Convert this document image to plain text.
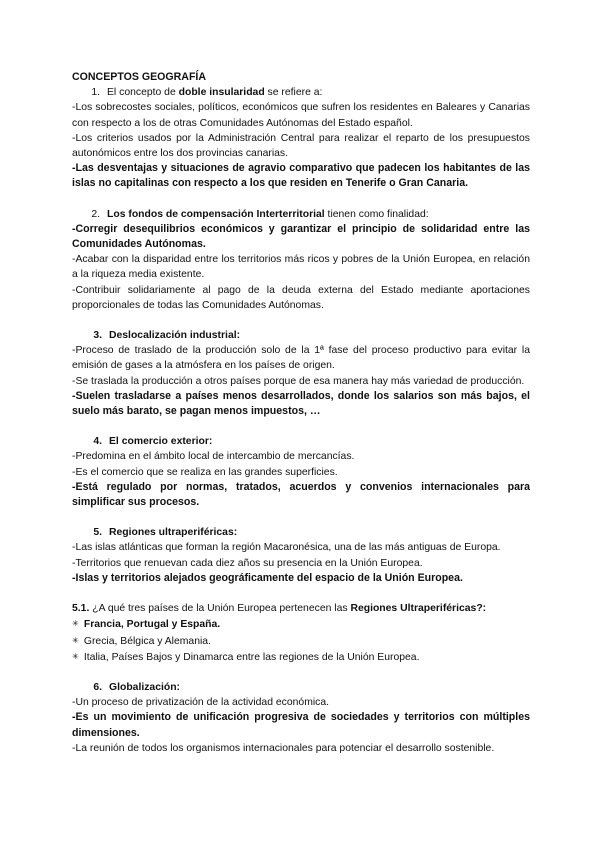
CONCEPTOS GEOGRAFÍA
1. El concepto de doble insularidad se refiere a:
-Los sobrecostes sociales, políticos, económicos que sufren los residentes en Baleares y Canarias con respecto a los de otras Comunidades Autónomas del Estado español.
-Los criterios usados por la Administración Central para realizar el reparto de los presupuestos autonómicos entre los dos provincias canarias.
-Las desventajas y situaciones de agravio comparativo que padecen los habitantes de las islas no capitalinas con respecto a los que residen en Tenerife o Gran Canaria.
2. Los fondos de compensación Interterritorial tienen como finalidad:
-Corregir desequilibrios económicos y garantizar el principio de solidaridad entre las Comunidades Autónomas.
-Acabar con la disparidad entre los territorios más ricos y pobres de la Unión Europea, en relación a la riqueza media existente.
-Contribuir solidariamente al pago de la deuda externa del Estado mediante aportaciones proporcionales de todas las Comunidades Autónomas.
3. Deslocalización industrial:
-Proceso de traslado de la producción solo de la 1ª fase del proceso productivo para evitar la emisión de gases a la atmósfera en los países de origen.
-Se traslada la producción a otros países porque de esa manera hay más variedad de producción.
-Suelen trasladarse a países menos desarrollados, donde los salarios son más bajos, el suelo más barato, se pagan menos impuestos, …
4. El comercio exterior:
-Predomina en el ámbito local de intercambio de mercancías.
-Es el comercio que se realiza en las grandes superficies.
-Está regulado por normas, tratados, acuerdos y convenios internacionales para simplificar sus procesos.
5. Regiones ultraperiféricas:
-Las islas atlánticas que forman la región Macaronésica, una de las más antiguas de Europa.
-Territorios que renuevan cada diez años su presencia en la Unión Europea.
-Islas y territorios alejados geográficamente del espacio de la Unión Europea.
5.1. ¿A qué tres países de la Unión Europea pertenecen las Regiones Ultraperiféricas?:
✳ Francia, Portugal y España.
✳ Grecia, Bélgica y Alemania.
✳ Italia, Países Bajos y Dinamarca entre las regiones de la Unión Europea.
6. Globalización:
-Un proceso de privatización de la actividad económica.
-Es un movimiento de unificación progresiva de sociedades y territorios con múltiples dimensiones.
-La reunión de todos los organismos internacionales para potenciar el desarrollo sostenible.
